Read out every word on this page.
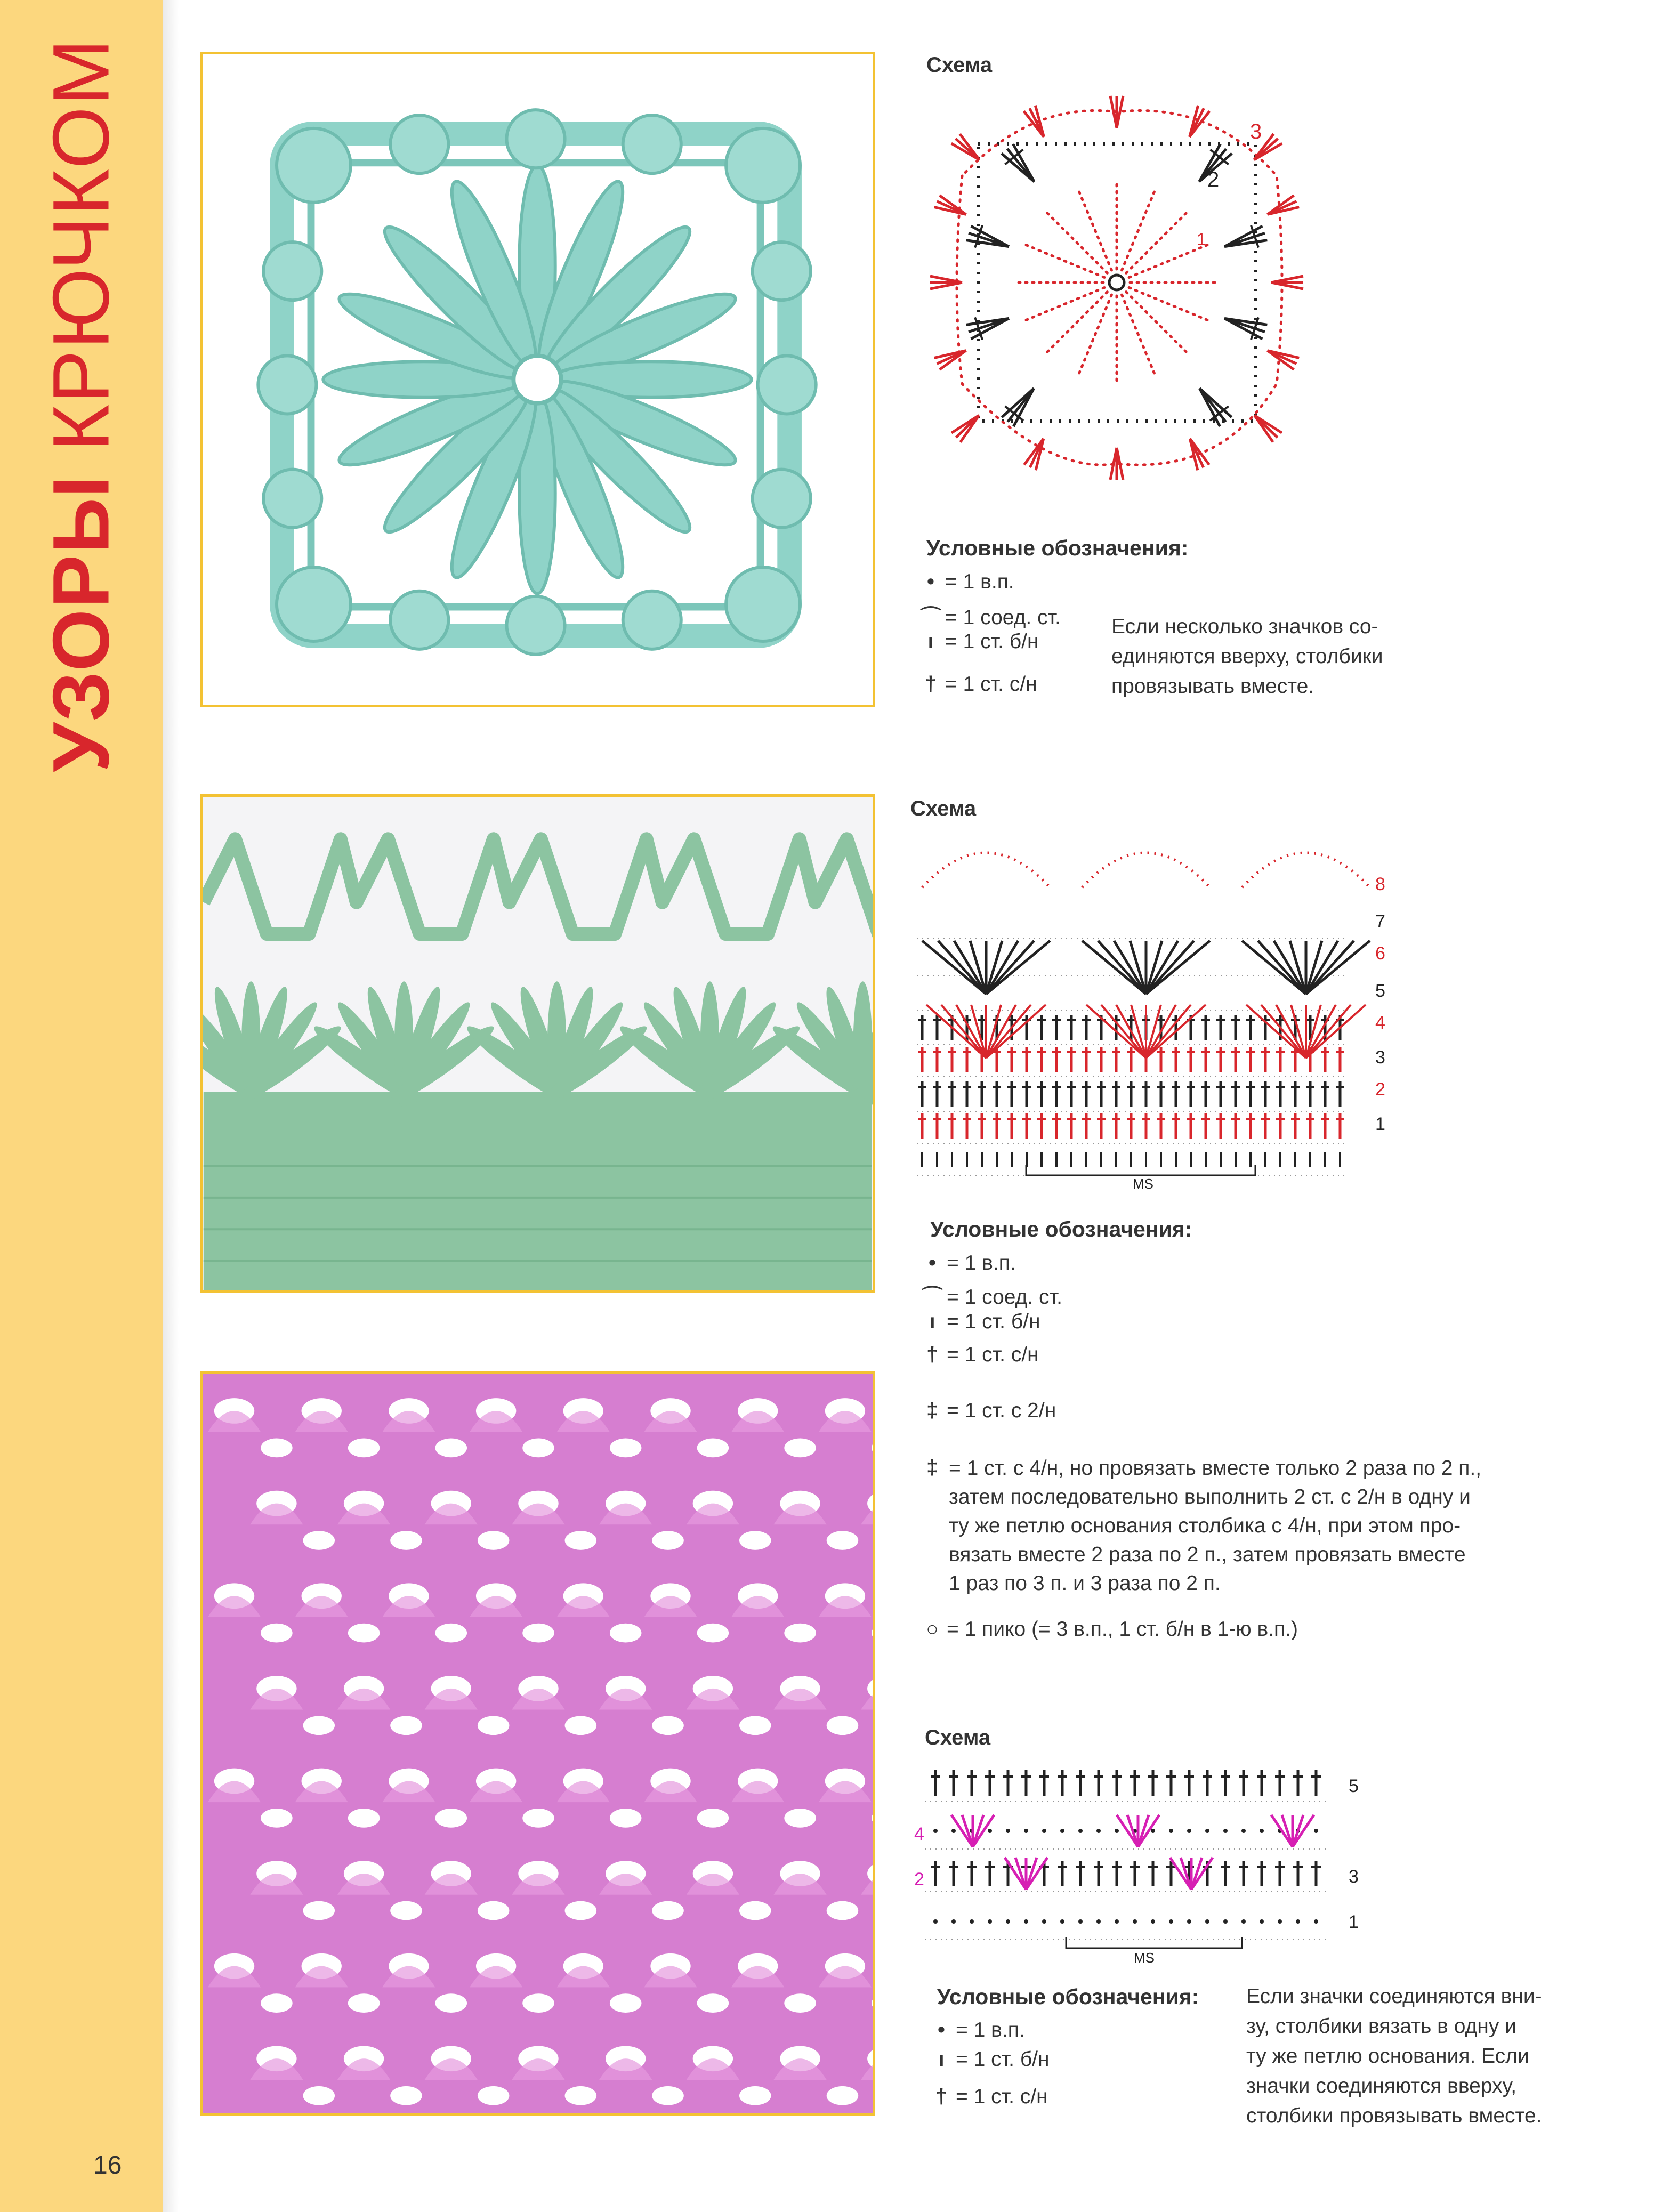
УЗОРЫ КРЮЧКОМ
16
Схема
1
2
3
Условные обозначения:
• = 1 в.п.
⌒ = 1 соед. ст.
ı = 1 ст. б/н
† = 1 ст. с/н
Если несколько значков со-
единяются вверху, столбики
провязывать вместе.
Схема
1
2
3
4
5
6
7
8
MS
Условные обозначения:
• = 1 в.п.
⌒ = 1 соед. ст.
ı = 1 ст. б/н
† = 1 ст. с/н
‡ = 1 ст. с 2/н
‡ = 1 ст. с 4/н, но провязать вместе только 2 раза по 2 п.,
затем последовательно выполнить 2 ст. с 2/н в одну и
ту же петлю основания столбика с 4/н, при этом про-
вязать вместе 2 раза по 2 п., затем провязать вместе
1 раз по 3 п. и 3 раза по 2 п.
○ = 1 пико (= 3 в.п., 1 ст. б/н в 1-ю в.п.)
Схема
5
3
1
4
2
MS
Условные обозначения:
• = 1 в.п.
ı = 1 ст. б/н
† = 1 ст. с/н
Если значки соединяются вни-
зу, столбики вязать в одну и
ту же петлю основания. Если
значки соединяются вверху,
столбики провязывать вместе.
